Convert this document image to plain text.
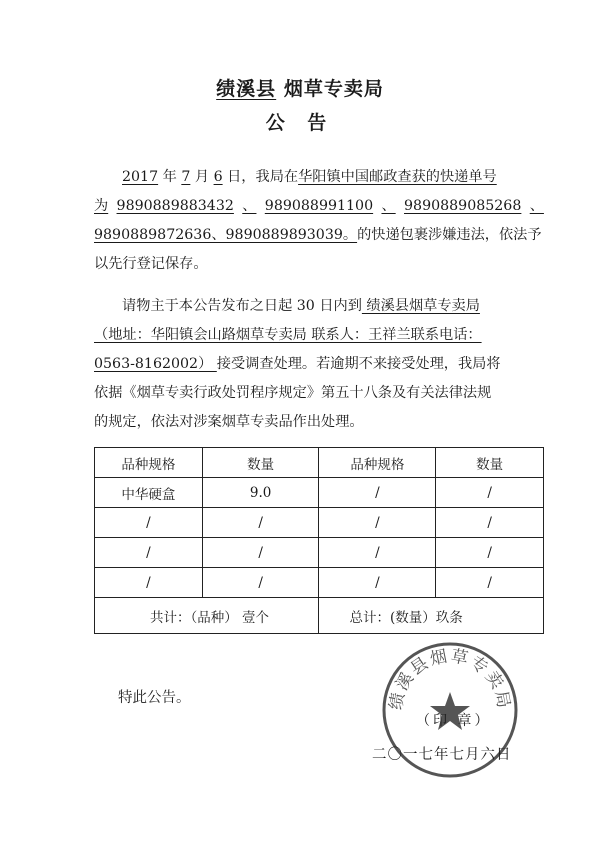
绩溪县 烟草专卖局
公 告
2017 年 7 月 6 日，我局在华阳镇中国邮政查获的快递单号
为 9890889883432 、 989088991100 、 9890889085268 、
9890889872636、9890889893039。的快递包裹涉嫌违法，依法予
以先行登记保存。
请物主于本公告发布之日起 30 日内到 绩溪县烟草专卖局
（地址：华阳镇会山路烟草专卖局 联系人：王祥兰联系电话：
0563-8162002） 接受调查处理。若逾期不来接受处理，我局将
依据《烟草专卖行政处罚程序规定》第五十八条及有关法律法规
的规定，依法对涉案烟草专卖品作出处理。
品种规格	数量	品种规格	数量
中华硬盒	9.0	/	/
/	/	/	/
/	/	/	/
/	/	/	/
共计：（品种） 壹个		总计：(数量）玖条	
特此公告。	绩溪县烟草专卖局
（印 章）
二〇一七年七月六日
